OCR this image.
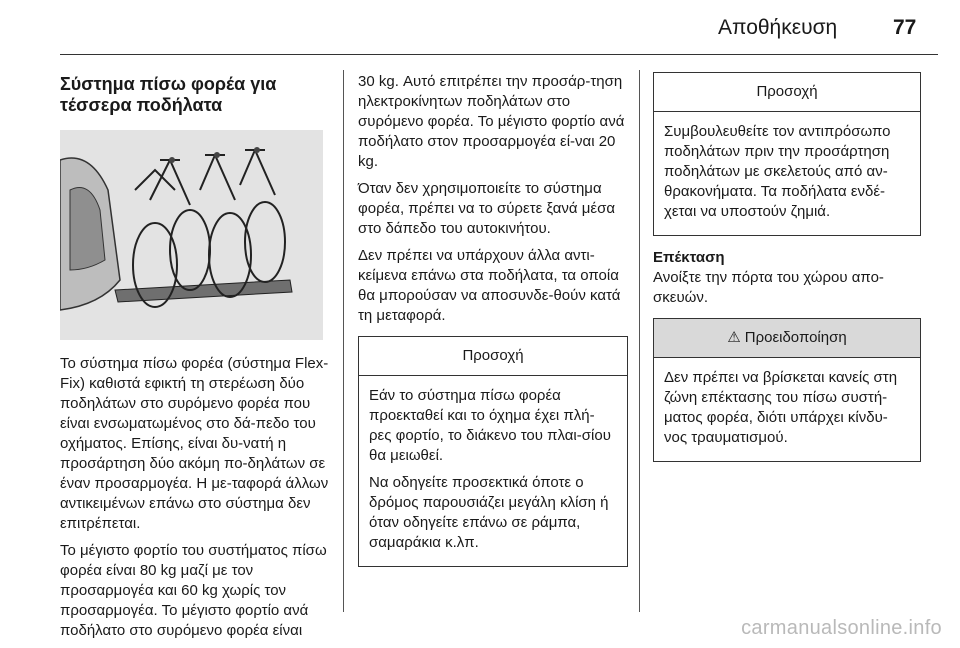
Αποθήκευση	77
Σύστημα πίσω φορέα για τέσσερα ποδήλατα

Το σύστημα πίσω φορέα (σύστημα Flex-Fix) καθιστά εφικτή τη στερέωση δύο ποδηλάτων στο συρόμενο φορέα που είναι ενσωματωμένος στο δά-πεδο του οχήματος. Επίσης, είναι δυ-νατή η προσάρτηση δύο ακόμη πο-δηλάτων σε έναν προσαρμογέα. Η με-ταφορά άλλων αντικειμένων επάνω στο σύστημα δεν επιτρέπεται.

Το μέγιστο φορτίο του συστήματος πίσω φορέα είναι 80 kg μαζί με τον προσαρμογέα και 60 kg χωρίς τον προσαρμογέα. Το μέγιστο φορτίο ανά ποδήλατο στο συρόμενο φορέα είναι

30 kg. Αυτό επιτρέπει την προσάρ-τηση ηλεκτροκίνητων ποδηλάτων στο συρόμενο φορέα. Το μέγιστο φορτίο ανά ποδήλατο στον προσαρμογέα εί-ναι 20 kg.

Όταν δεν χρησιμοποιείτε το σύστημα φορέα, πρέπει να το σύρετε ξανά μέσα στο δάπεδο του αυτοκινήτου.

Δεν πρέπει να υπάρχουν άλλα αντι-κείμενα επάνω στα ποδήλατα, τα οποία θα μπορούσαν να αποσυνδε-θούν κατά τη μεταφορά.

Προσοχή

Εάν το σύστημα πίσω φορέα προεκταθεί και το όχημα έχει πλή-ρες φορτίο, το διάκενο του πλαι-σίου θα μειωθεί.

Να οδηγείτε προσεκτικά όποτε ο δρόμος παρουσιάζει μεγάλη κλίση ή όταν οδηγείτε επάνω σε ράμπα, σαμαράκια κ.λπ.

Προσοχή

Συμβουλευθείτε τον αντιπρόσωπο ποδηλάτων πριν την προσάρτηση ποδηλάτων με σκελετούς από αν-θρακονήματα. Τα ποδήλατα ενδέ-χεται να υποστούν ζημιά.

Επέκταση

Ανοίξτε την πόρτα του χώρου απο-σκευών.

⚠ Προειδοποίηση

Δεν πρέπει να βρίσκεται κανείς στη ζώνη επέκτασης του πίσω συστή-ματος φορέα, διότι υπάρχει κίνδυ-νος τραυματισμού.

carmanualsonline.info
